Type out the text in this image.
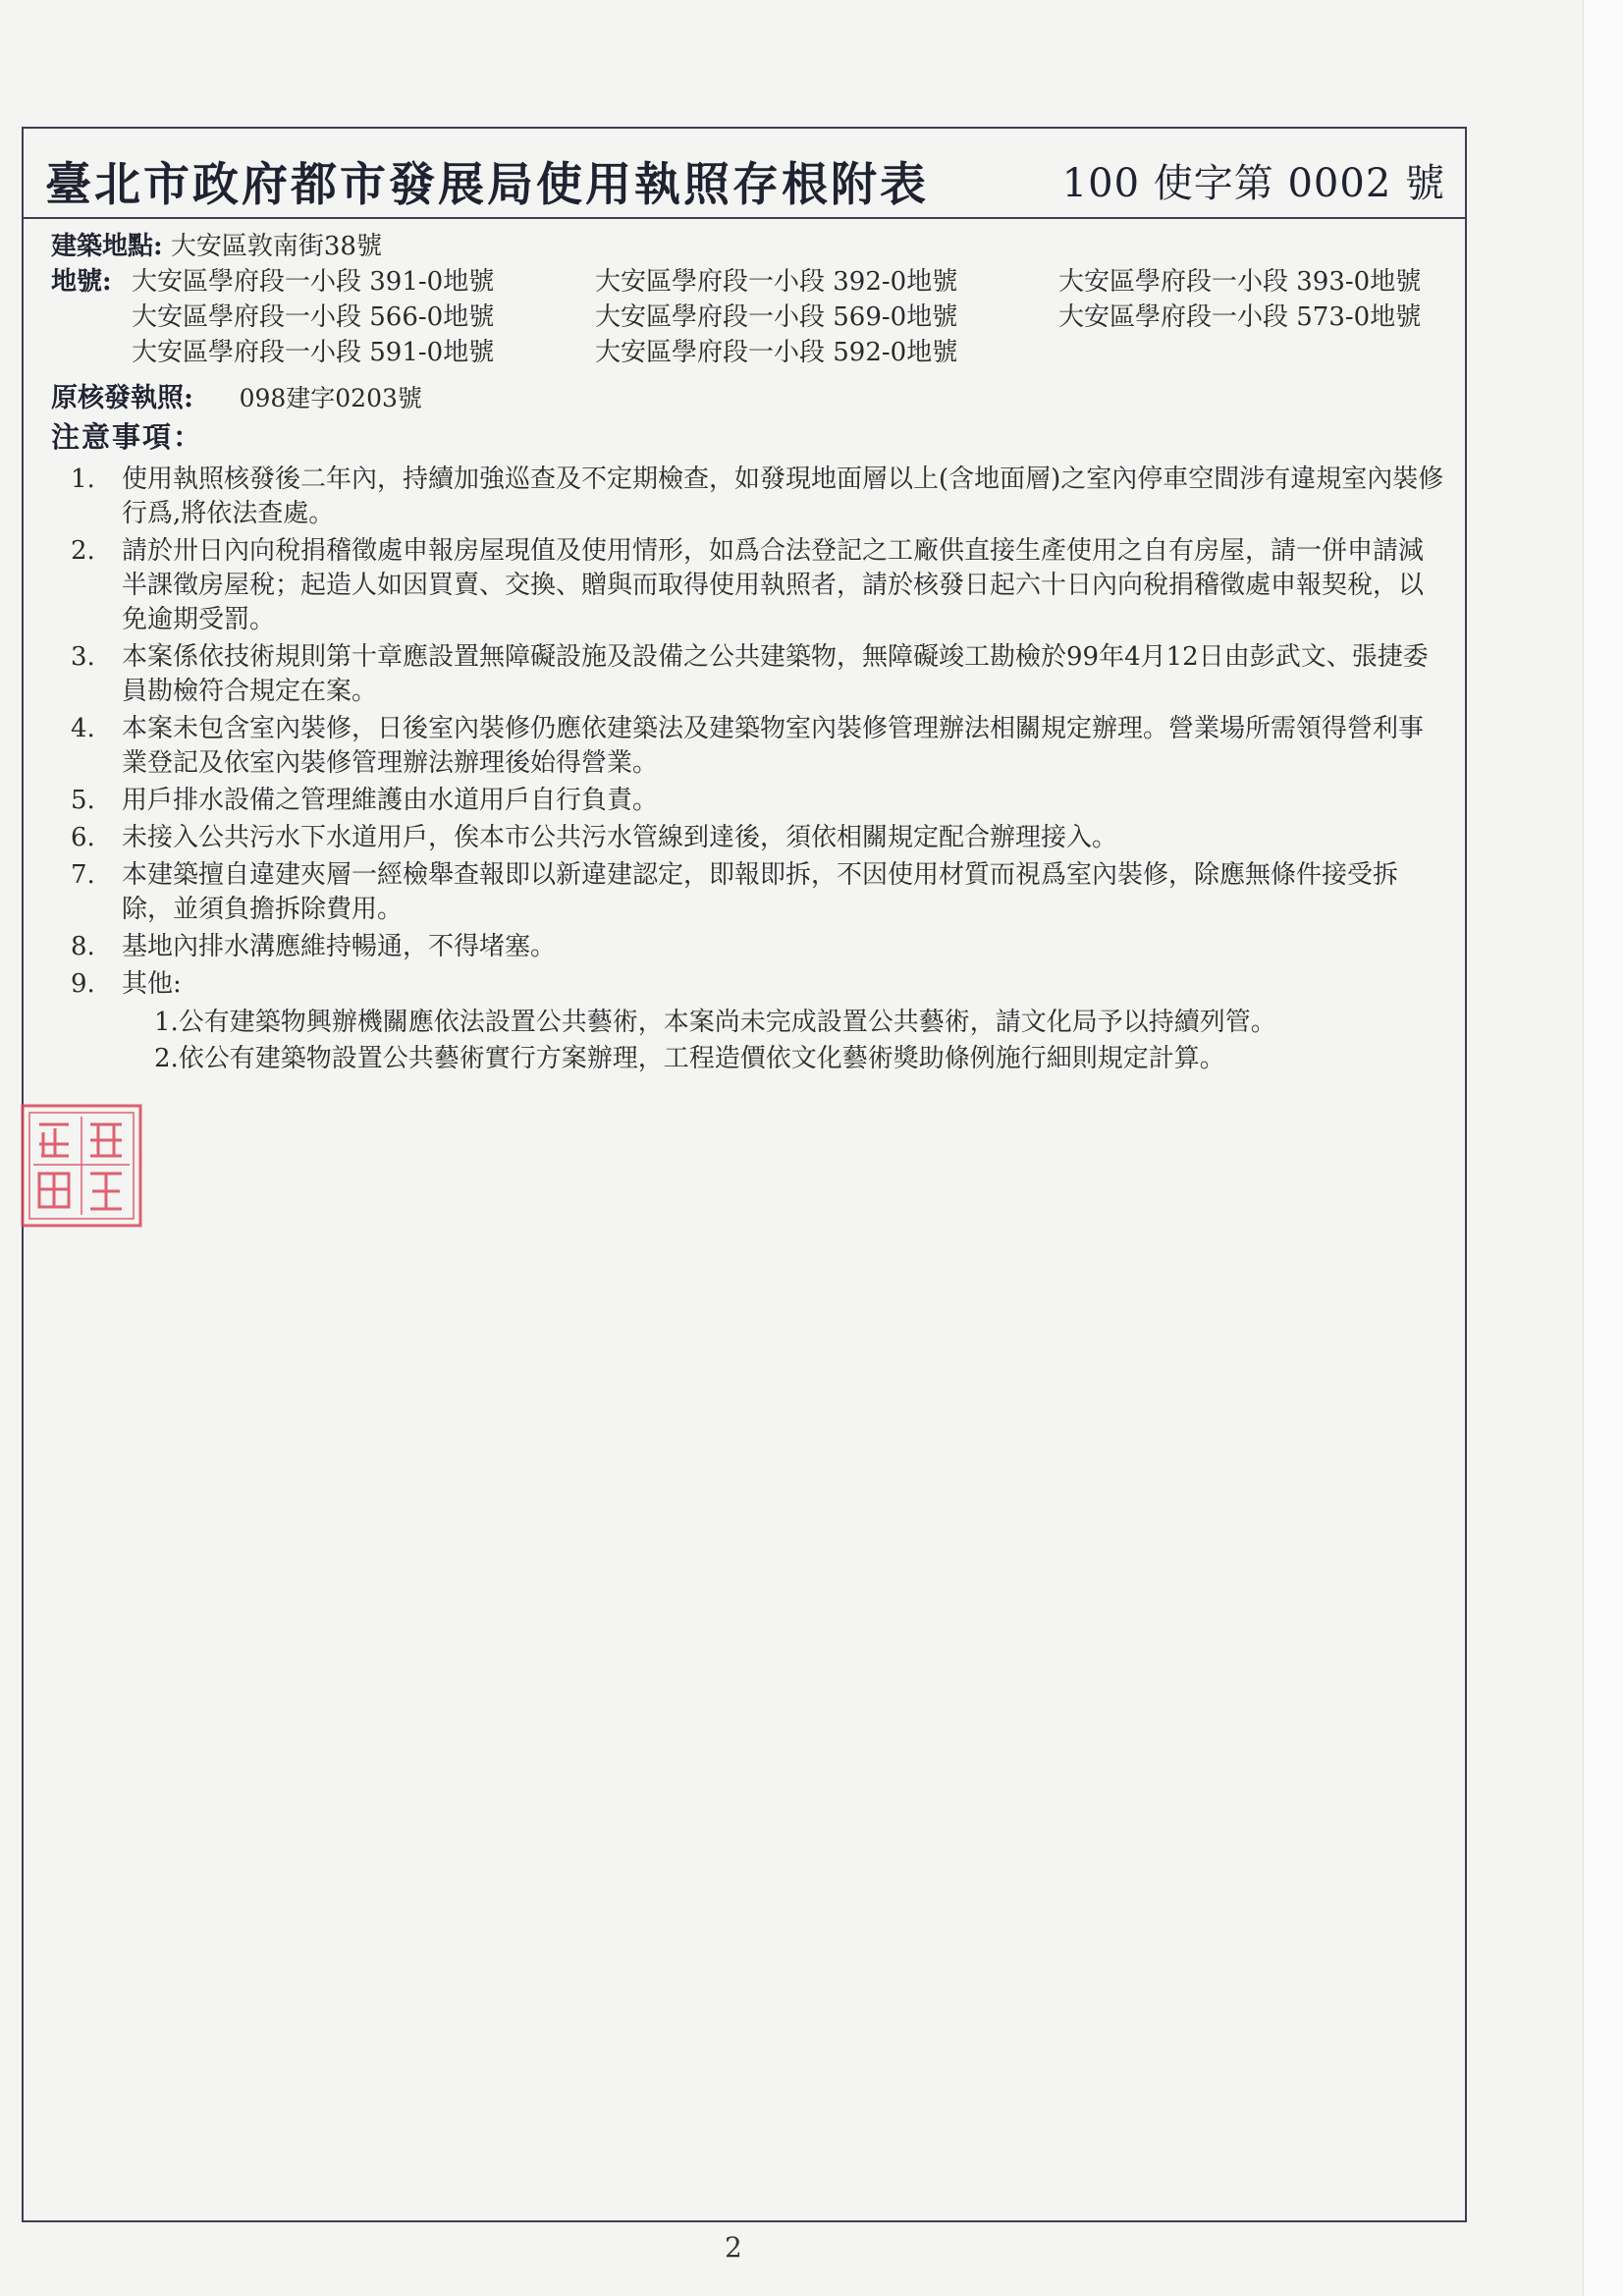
臺北市政府都市發展局使用執照存根附表	100 使字第 0002 號
建築地點: 大安區敦南街38號
地號: 大安區學府段一小段 391-0地號	大安區學府段一小段 392-0地號	大安區學府段一小段 393-0地號
大安區學府段一小段 566-0地號	大安區學府段一小段 569-0地號	大安區學府段一小段 573-0地號
大安區學府段一小段 591-0地號	大安區學府段一小段 592-0地號
原核發執照: 098建字0203號
注意事項：
1.	使用執照核發後二年內，持續加強巡查及不定期檢查，如發現地面層以上(含地面層)之室內停車空間涉有違規室內裝修行爲,將依法查處。
2.	請於卅日內向稅捐稽徵處申報房屋現值及使用情形，如爲合法登記之工廠供直接生產使用之自有房屋，請一併申請減半課徵房屋稅；起造人如因買賣、交換、贈與而取得使用執照者，請於核發日起六十日內向稅捐稽徵處申報契稅，以免逾期受罰。
3.	本案係依技術規則第十章應設置無障礙設施及設備之公共建築物，無障礙竣工勘檢於99年4月12日由彭武文、張捷委員勘檢符合規定在案。
4.	本案未包含室內裝修，日後室內裝修仍應依建築法及建築物室內裝修管理辦法相關規定辦理。營業場所需領得營利事業登記及依室內裝修管理辦法辦理後始得營業。
5.	用戶排水設備之管理維護由水道用戶自行負責。
6.	未接入公共污水下水道用戶，俟本市公共污水管線到達後，須依相關規定配合辦理接入。
7.	本建築擅自違建夾層一經檢舉查報即以新違建認定，即報即拆，不因使用材質而視爲室內裝修，除應無條件接受拆除，並須負擔拆除費用。
8.	基地內排水溝應維持暢通，不得堵塞。
9.	其他:
1.公有建築物興辦機關應依法設置公共藝術，本案尚未完成設置公共藝術，請文化局予以持續列管。
2.依公有建築物設置公共藝術實行方案辦理，工程造價依文化藝術獎助條例施行細則規定計算。
2
